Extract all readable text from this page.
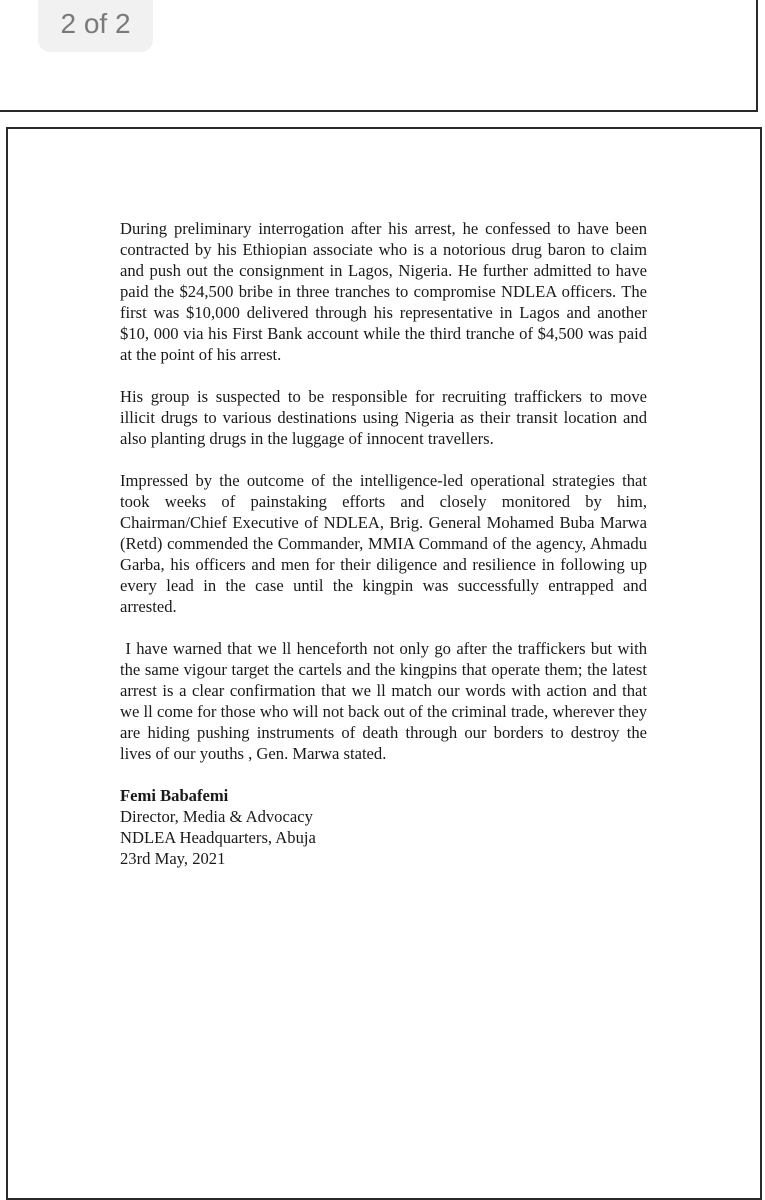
2 of 2

During preliminary interrogation after his arrest, he confessed to have been contracted by his Ethiopian associate who is a notorious drug baron to claim and push out the consignment in Lagos, Nigeria. He further admitted to have paid the $24,500 bribe in three tranches to compromise NDLEA officers. The first was $10,000 delivered through his representative in Lagos and another $10, 000 via his First Bank account while the third tranche of $4,500 was paid at the point of his arrest.

His group is suspected to be responsible for recruiting traffickers to move illicit drugs to various destinations using Nigeria as their transit location and also planting drugs in the luggage of innocent travellers.

Impressed by the outcome of the intelligence-led operational strategies that took weeks of painstaking efforts and closely monitored by him, Chairman/Chief Executive of NDLEA, Brig. General Mohamed Buba Marwa (Retd) commended the Commander, MMIA Command of the agency, Ahmadu Garba, his officers and men for their diligence and resilience in following up every lead in the case until the kingpin was successfully entrapped and arrested.

I have warned that we ll henceforth not only go after the traffickers but with the same vigour target the cartels and the kingpins that operate them; the latest arrest is a clear confirmation that we ll match our words with action and that we ll come for those who will not back out of the criminal trade, wherever they are hiding pushing instruments of death through our borders to destroy the lives of our youths , Gen. Marwa stated.

Femi Babafemi
Director, Media & Advocacy
NDLEA Headquarters, Abuja
23rd May, 2021
